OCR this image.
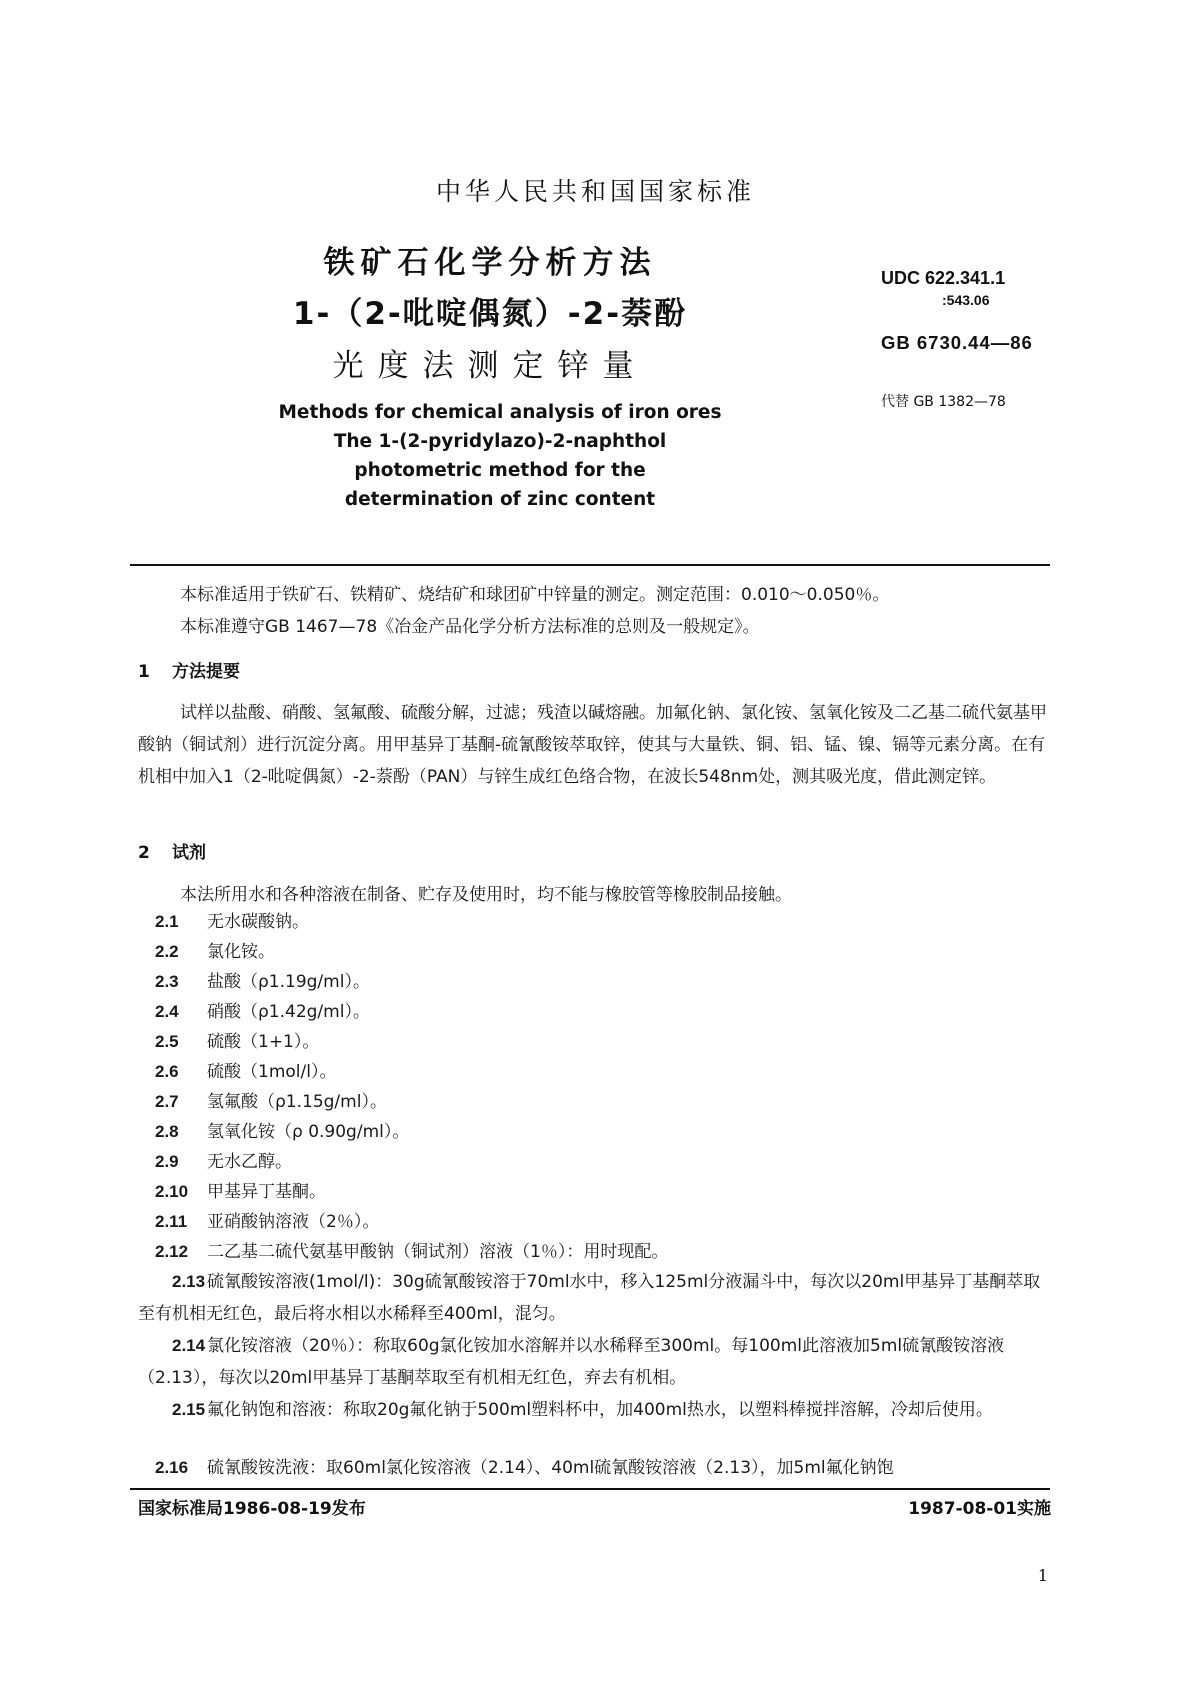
中华人民共和国国家标准
铁矿石化学分析方法
1-（2-吡啶偶氮）-2-萘酚
光度法测定锌量
Methods for chemical analysis of iron ores
The 1-(2-pyridylazo)-2-naphthol
photometric method for the
determination of zinc content
UDC 622.341.1
:543.06
GB 6730.44—86
代替 GB 1382—78
本标准适用于铁矿石、铁精矿、烧结矿和球团矿中锌量的测定。测定范围：0.010～0.050％。
本标准遵守GB 1467—78《冶金产品化学分析方法标准的总则及一般规定》。
1 方法提要
试样以盐酸、硝酸、氢氟酸、硫酸分解，过滤；残渣以碱熔融。加氟化钠、氯化铵、氢氧化铵及二乙基二硫代氨基甲酸钠（铜试剂）进行沉淀分离。用甲基异丁基酮-硫氰酸铵萃取锌，使其与大量铁、铜、铝、锰、镍、镉等元素分离。在有机相中加入1（2-吡啶偶氮）-2-萘酚（PAN）与锌生成红色络合物，在波长548nm处，测其吸光度，借此测定锌。
2 试剂
本法所用水和各种溶液在制备、贮存及使用时，均不能与橡胶管等橡胶制品接触。
2.1 无水碳酸钠。
2.2 氯化铵。
2.3 盐酸（ρ1.19g/ml）。
2.4 硝酸（ρ1.42g/ml）。
2.5 硫酸（1+1）。
2.6 硫酸（1mol/l）。
2.7 氢氟酸（ρ1.15g/ml）。
2.8 氢氧化铵（ρ 0.90g/ml）。
2.9 无水乙醇。
2.10 甲基异丁基酮。
2.11 亚硝酸钠溶液（2％）。
2.12 二乙基二硫代氨基甲酸钠（铜试剂）溶液（1％）：用时现配。
2.13 硫氰酸铵溶液(1mol/l)：30g硫氰酸铵溶于70ml水中，移入125ml分液漏斗中，每次以20ml甲基异丁基酮萃取至有机相无红色，最后将水相以水稀释至400ml，混匀。
2.14 氯化铵溶液（20％）：称取60g氯化铵加水溶解并以水稀释至300ml。每100ml此溶液加5ml硫氰酸铵溶液（2.13），每次以20ml甲基异丁基酮萃取至有机相无红色，弃去有机相。
2.15 氟化钠饱和溶液：称取20g氟化钠于500ml塑料杯中，加400ml热水，以塑料棒搅拌溶解，冷却后使用。
2.16 硫氰酸铵洗液：取60ml氯化铵溶液（2.14）、40ml硫氰酸铵溶液（2.13），加5ml氟化钠饱
国家标准局1986-08-19发布	1987-08-01实施
1
